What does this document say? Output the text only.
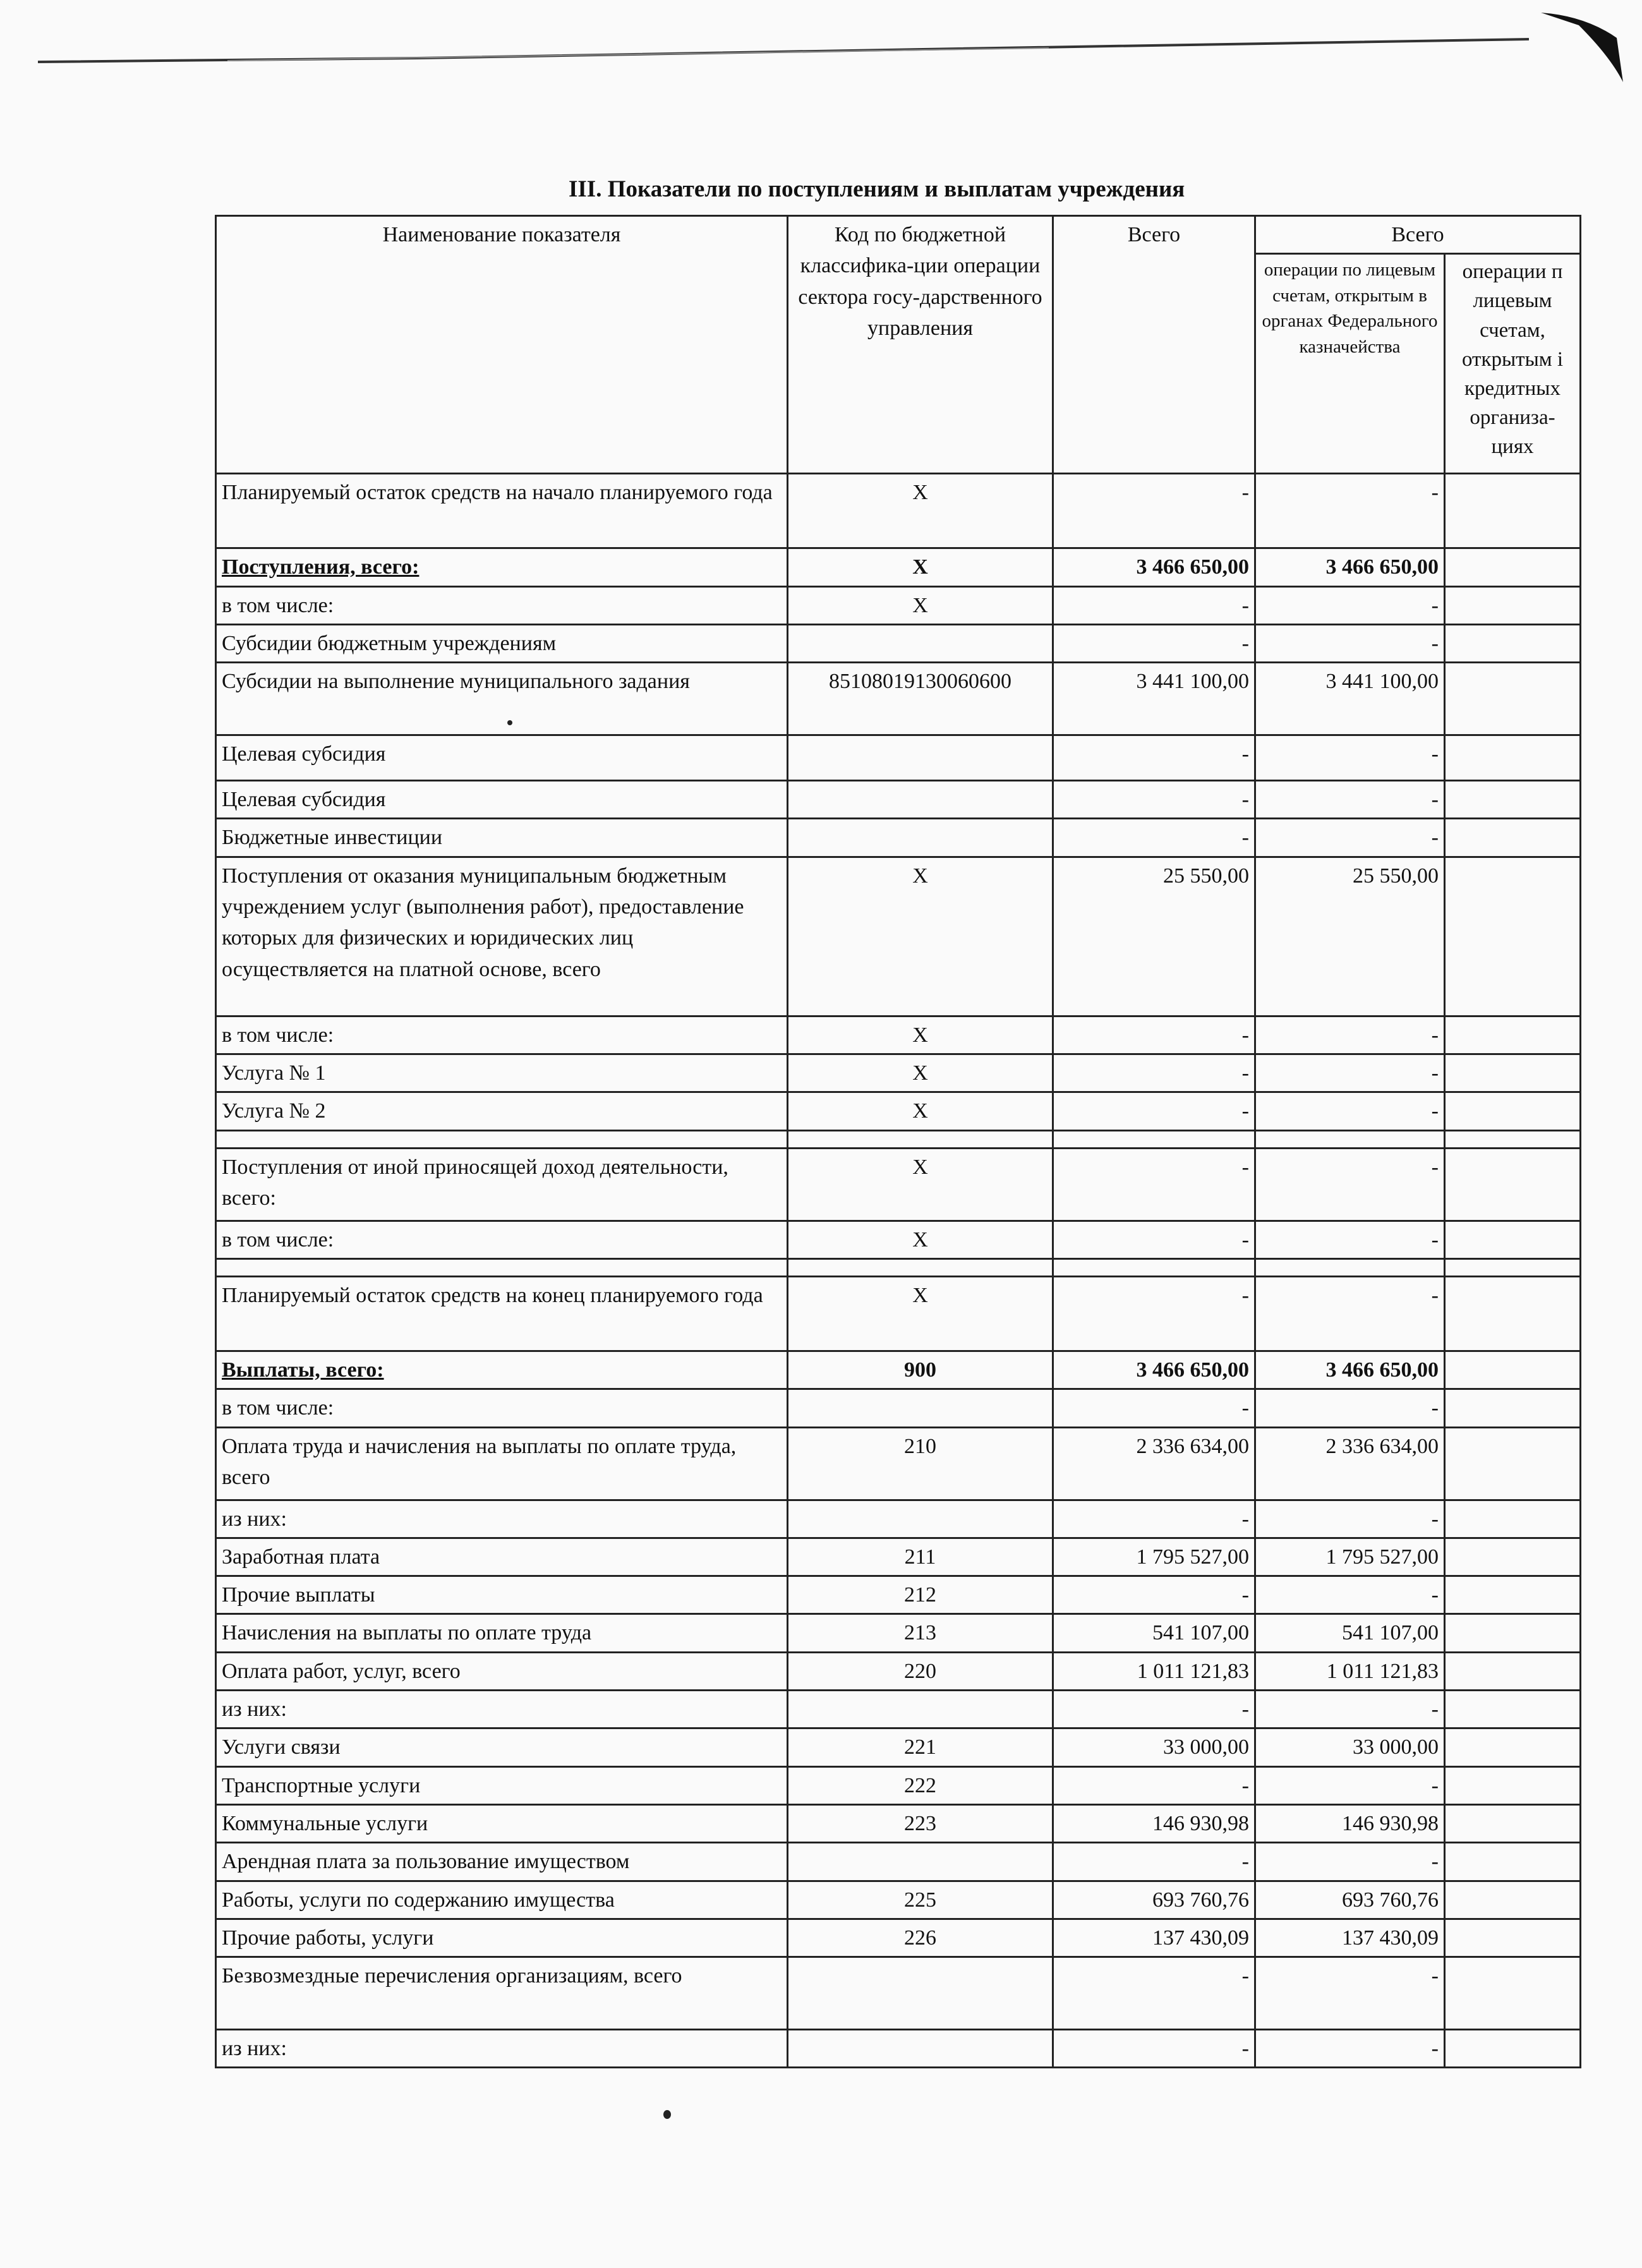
III. Показатели по поступлениям и выплатам учреждения
Наименование показателя	Код по бюджетной классифика-ции операции сектора госу-дарственного управления	Всего	Всего	
			операции по лицевым счетам, открытым в органах Федерального казначейства	операции п лицевым счетам, открытым і кредитных организа- циях
Планируемый остаток средств на начало планируемого года	Х	-	-	
Поступления, всего:	Х	3 466 650,00	3 466 650,00	
в том числе:	Х	-	-	
Субсидии бюджетным учреждениям		-	-	
Субсидии на выполнение муниципального задания	85108019130060600	3 441 100,00	3 441 100,00	
Целевая субсидия		-	-	
Целевая субсидия		-	-	
Бюджетные инвестиции		-	-	
Поступления от оказания муниципальным бюджетным учреждением услуг (выполнения работ), предоставление которых для физических и юридических лиц осуществляется на платной основе, всего	Х	25 550,00	25 550,00	
в том числе:	Х	-	-	
Услуга № 1	Х	-	-	
Услуга № 2	Х	-	-	

Поступления от иной приносящей доход деятельности, всего:	Х	-	-	
в том числе:	Х	-	-	

Планируемый остаток средств на конец планируемого года	Х	-	-	
Выплаты, всего:	900	3 466 650,00	3 466 650,00	
в том числе:		-	-	
Оплата труда и начисления на выплаты по оплате труда, всего	210	2 336 634,00	2 336 634,00	
из них:		-	-	
Заработная плата	211	1 795 527,00	1 795 527,00	
Прочие выплаты	212	-	-	
Начисления на выплаты по оплате труда	213	541 107,00	541 107,00	
Оплата работ, услуг, всего	220	1 011 121,83	1 011 121,83	
из них:		-	-	
Услуги связи	221	33 000,00	33 000,00	
Транспортные услуги	222	-	-	
Коммунальные услуги	223	146 930,98	146 930,98	
Арендная плата за пользование имуществом		-	-	
Работы, услуги по содержанию имущества	225	693 760,76	693 760,76	
Прочие работы, услуги	226	137 430,09	137 430,09	
Безвозмездные перечисления организациям, всего		-	-	
из них:		-	-	
